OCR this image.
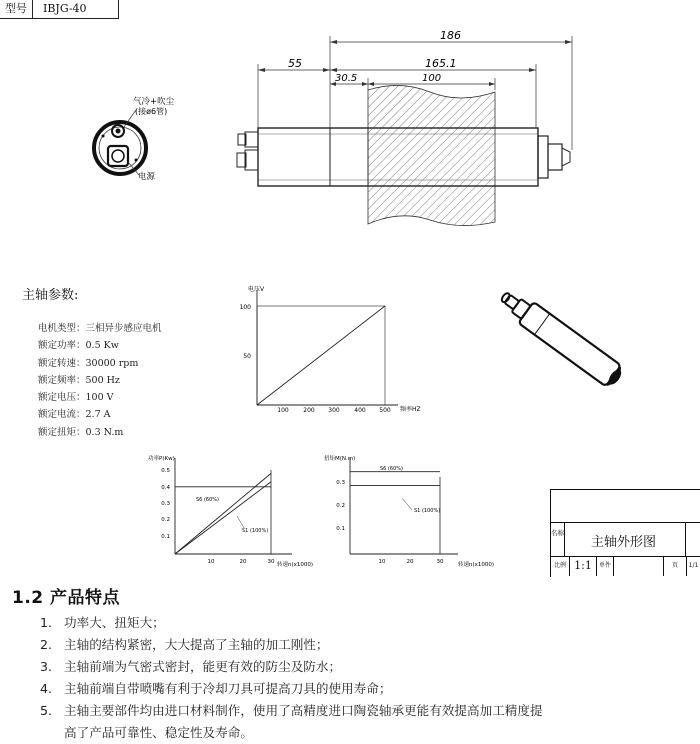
型号	IBJG-40
186
55	165.1
30.5	100
气冷+吹尘
(接ø6管)
电源
主轴参数:
电机类型：三相异步感应电机
额定功率：0.5 Kw
额定转速：30000 rpm
额定频率：500 Hz
额定电压：100 V
额定电流：2.7 A
额定扭矩：0.3 N.m
电压V
频率HZ
50
100
100 200 300 400 500
功率P(Kw)
转速n(x1000)
0.1
0.2
0.3
0.4
0.5
10	20	30
S6 (60%)
S1 (100%)
扭矩M(N.m)
转速n(x1000)
0.1
0.2
0.3
10	20	30
S6 (60%)
S1 (100%)
名称
主轴外形图
比例 1:1	单件	页	1/1
1.2 产品特点
1. 功率大、扭矩大；
2. 主轴的结构紧密，大大提高了主轴的加工刚性；
3. 主轴前端为气密式密封，能更有效的防尘及防水；
4. 主轴前端自带喷嘴有利于冷却刀具可提高刀具的使用寿命；
5. 主轴主要部件均由进口材料制作，使用了高精度进口陶瓷轴承更能有效提高加工精度提
高了产品可靠性、稳定性及寿命。
